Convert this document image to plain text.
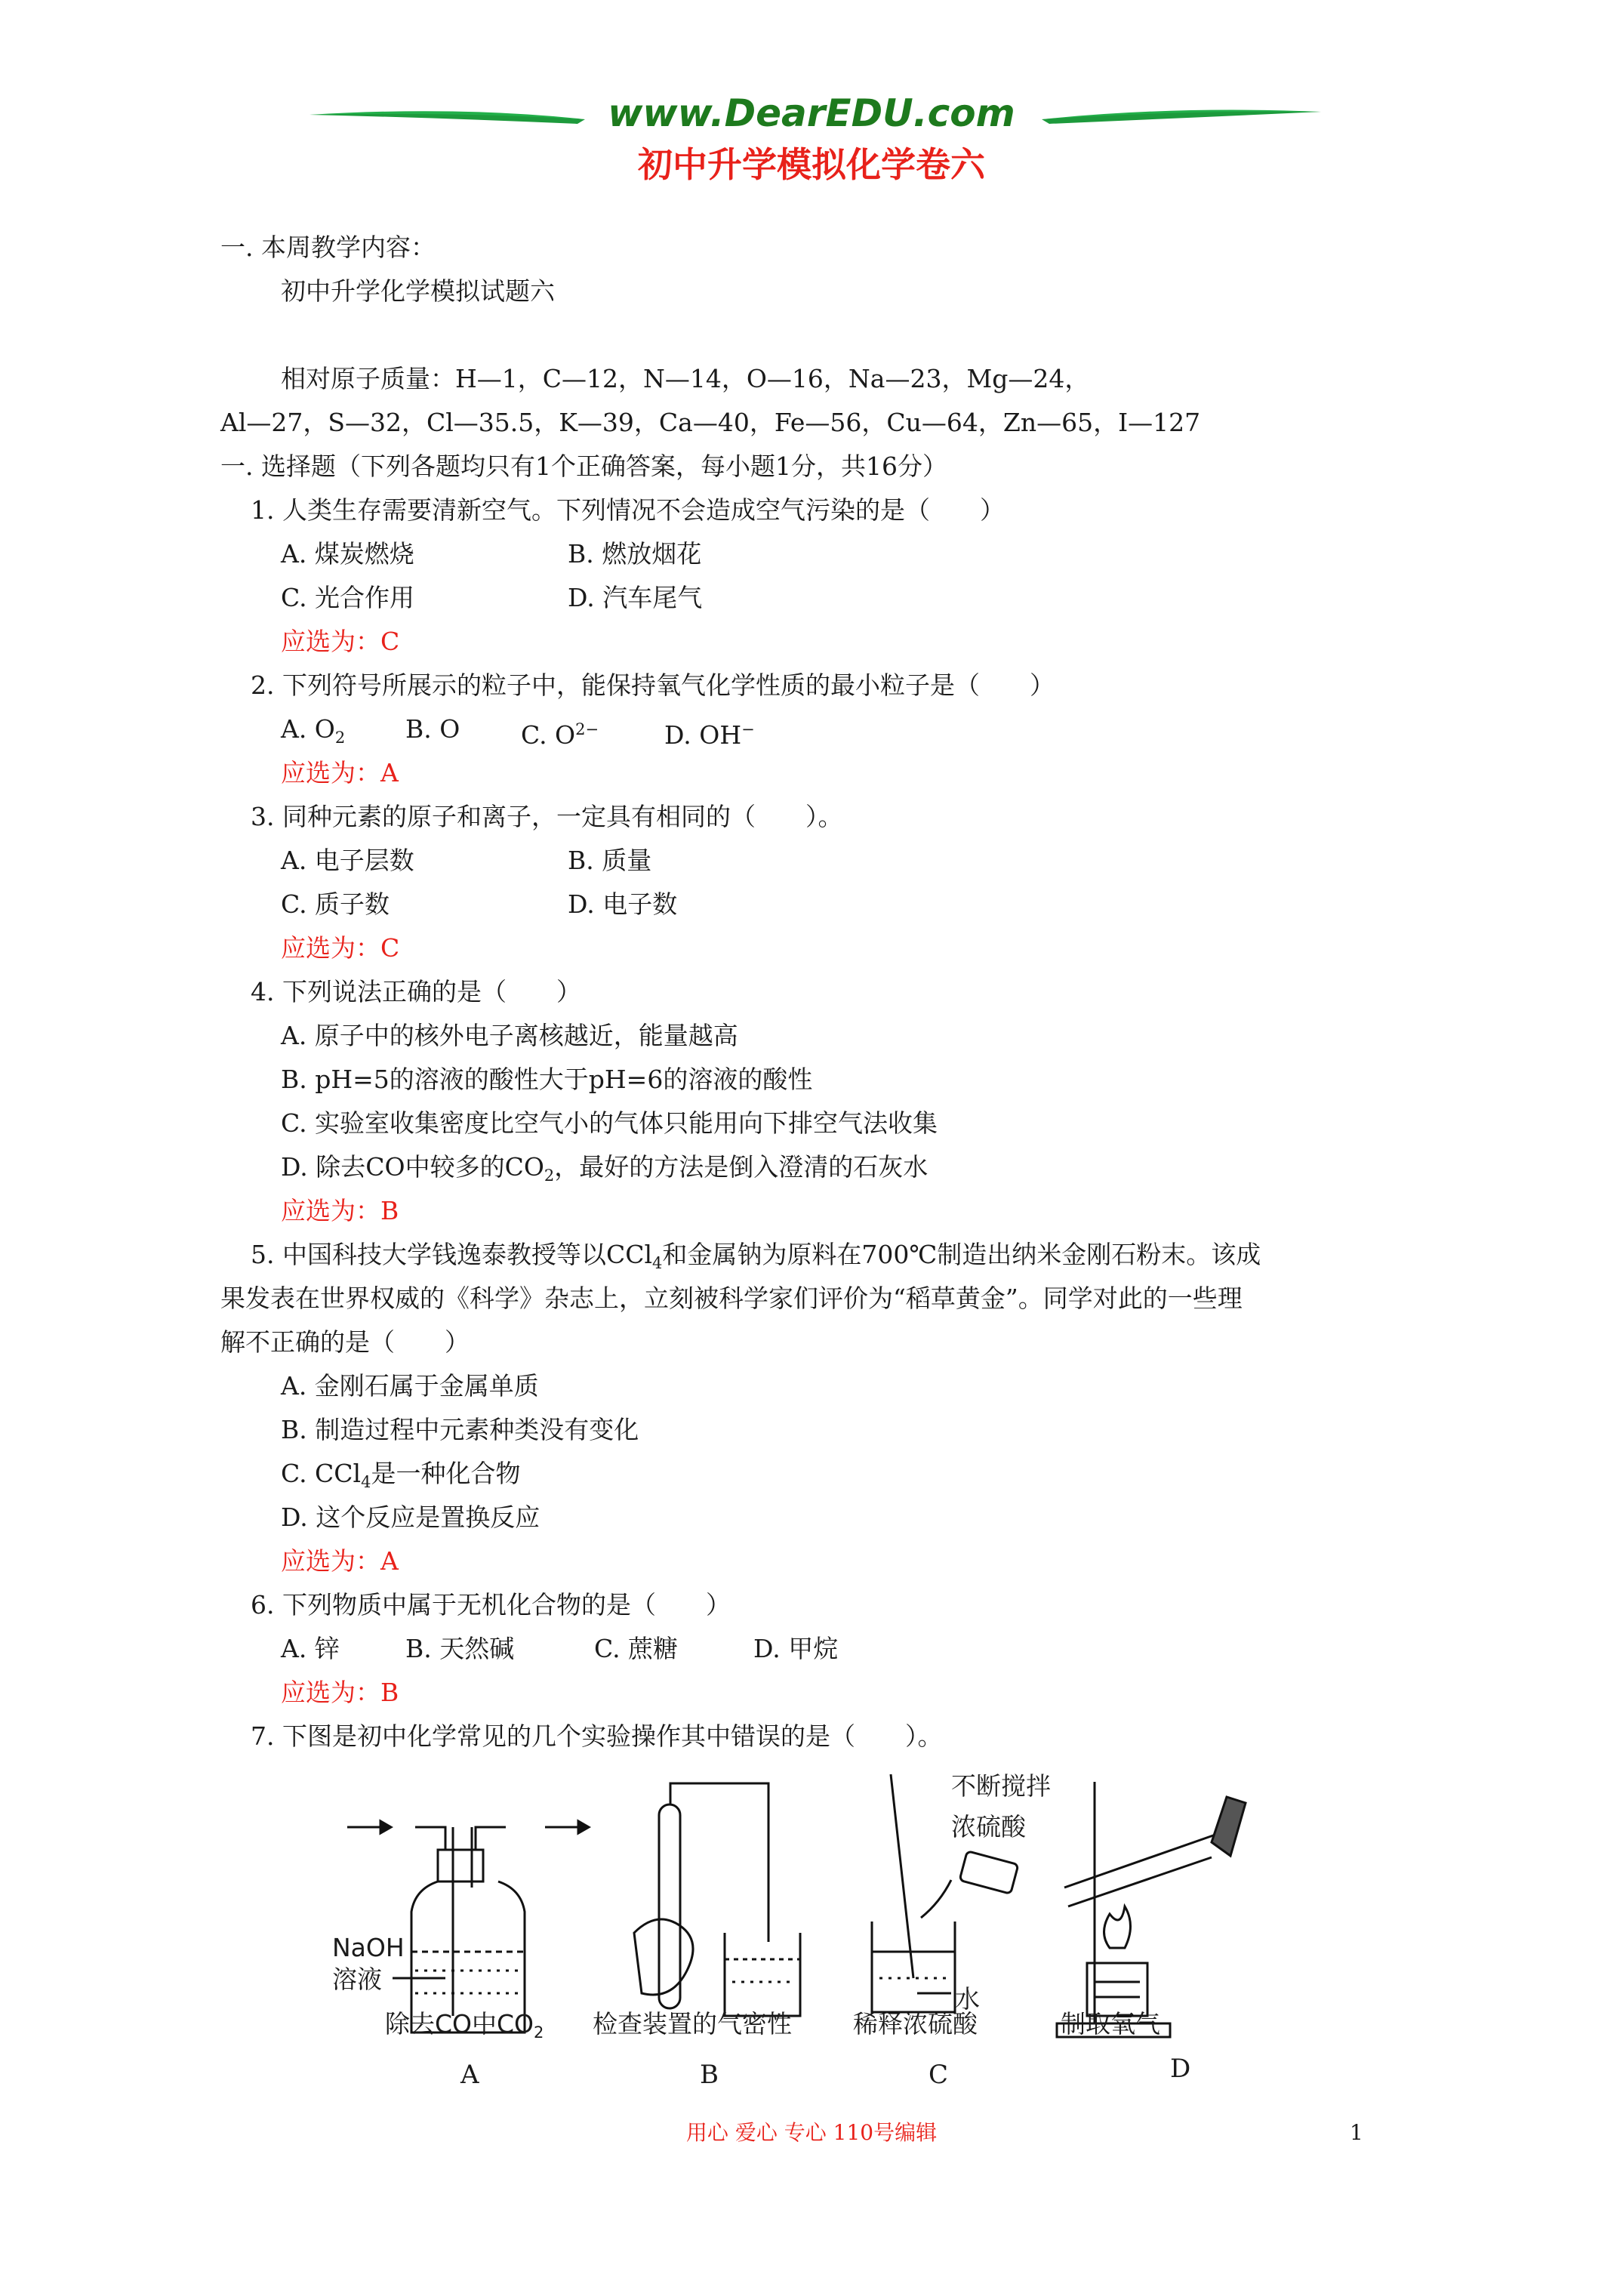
www.DearEDU.com
初中升学模拟化学卷六
一. 本周教学内容：
初中升学化学模拟试题六
相对原子质量：H—1，C—12，N—14，O—16，Na—23，Mg—24，
Al—27，S—32，Cl—35.5，K—39，Ca—40，Fe—56，Cu—64，Zn—65，I—127
一. 选择题（下列各题均只有1个正确答案，每小题1分，共16分）
1. 人类生存需要清新空气。下列情况不会造成空气污染的是（　　）
A. 煤炭燃烧	B. 燃放烟花
C. 光合作用	D. 汽车尾气
应选为：C
2. 下列符号所展示的粒子中，能保持氧气化学性质的最小粒子是（　　）
A. $O_2$ B. O C. $O^{2-}$	D. OH−
应选为：A
3. 同种元素的原子和离子，一定具有相同的（　　）。
A. 电子层数	B. 质量
C. 质子数	D. 电子数
应选为：C
4. 下列说法正确的是（　　）
A. 原子中的核外电子离核越近，能量越高
B. pH=5的溶液的酸性大于pH=6的溶液的酸性
C. 实验室收集密度比空气小的气体只能用向下排空气法收集
D. 除去CO中较多的$CO_2$，最好的方法是倒入澄清的石灰水
应选为：B
5. 中国科技大学钱逸泰教授等以CCl$_4$和金属钠为原料在700℃制造出纳米金刚石粉末。该成
果发表在世界权威的《科学》杂志上，立刻被科学家们评价为“稻草黄金”。同学对此的一些理
解不正确的是（　　）
A. 金刚石属于金属单质
B. 制造过程中元素种类没有变化
C. CCl$_4$是一种化合物
D. 这个反应是置换反应
应选为：A
6. 下列物质中属于无机化合物的是（　　）
A. 锌	B. 天然碱	C. 蔗糖	D. 甲烷
应选为：B
7. 下图是初中化学常见的几个实验操作其中错误的是（　　）。
NaOH
溶液
除去CO中$CO_2$ 检查装置的气密性
不断搅拌
浓硫酸
水
稀释浓硫酸	制取氧气
A	B	C	D
用心 爱心 专心 110号编辑	1
